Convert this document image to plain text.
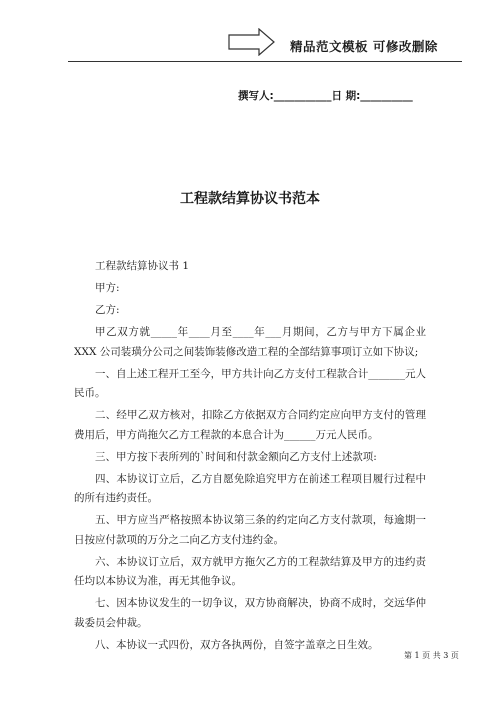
精品范文模板 可修改删除
撰写人:___________日 期:__________
工程款结算协议书范本

工程款结算协议书 1

甲方:

乙方:

甲乙双方就_____年____月至____年___月期间，乙方与甲方下属企业 XXX 公司装璜分公司之间装饰装修改造工程的全部结算事项订立如下协议;

一、自上述工程开工至今，甲方共计向乙方支付工程款合计_______元人民币。

二、经甲乙双方核对，扣除乙方依据双方合同约定应向甲方支付的管理费用后，甲方尚拖欠乙方工程款的本息合计为______万元人民币。

三、甲方按下表所列的`时间和付款金额向乙方支付上述款项:

四、本协议订立后，乙方自愿免除追究甲方在前述工程项目履行过程中的所有违约责任。

五、甲方应当严格按照本协议第三条的约定向乙方支付款项，每逾期一日按应付款项的万分之二向乙方支付违约金。

六、本协议订立后，双方就甲方拖欠乙方的工程款结算及甲方的违约责任均以本协议为准，再无其他争议。

七、因本协议发生的一切争议，双方协商解决，协商不成时，交远华仲裁委员会仲裁。

八、本协议一式四份，双方各执两份，自签字盖章之日生效。

第 1 页 共 3 页
